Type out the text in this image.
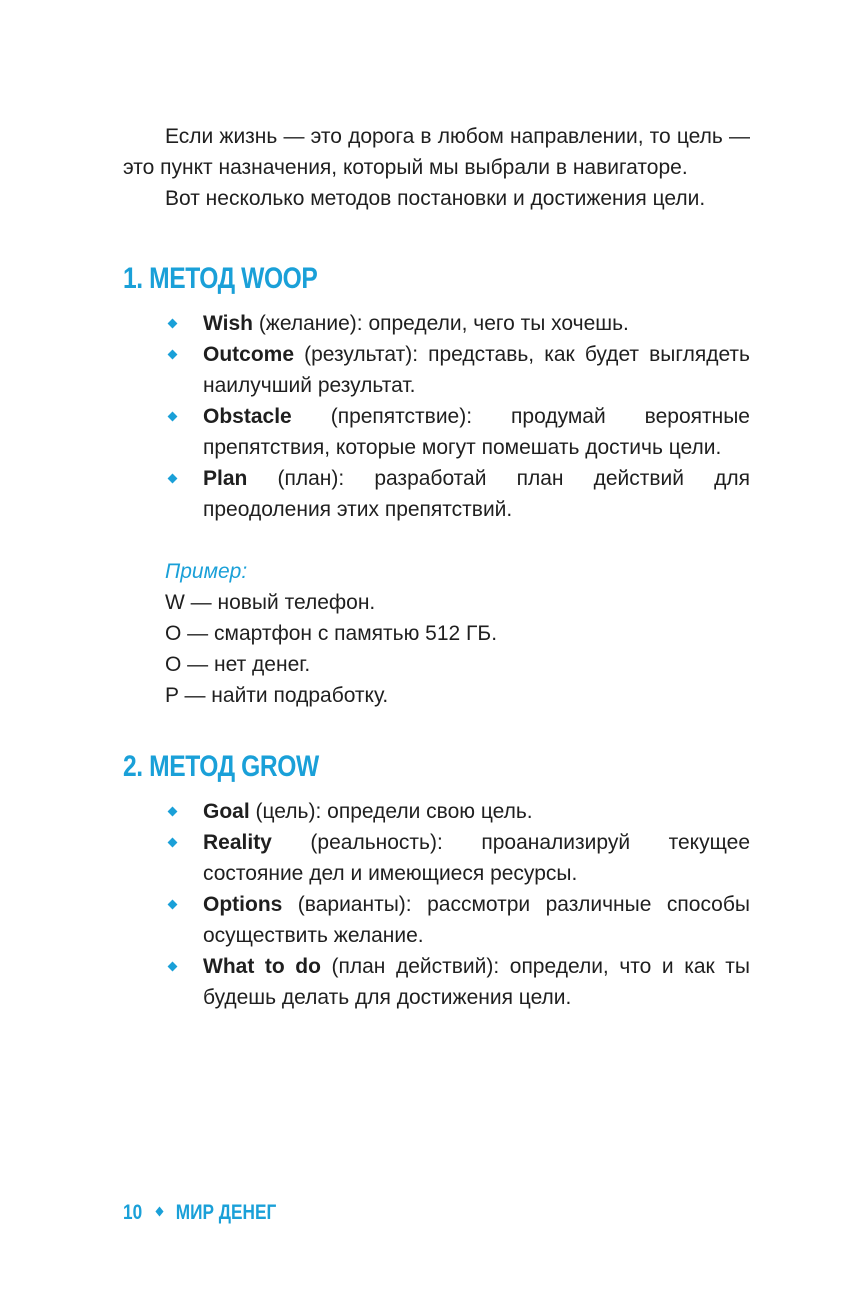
Если жизнь — это дорога в любом направлении, то цель — это пункт назначения, который мы выбрали в навигаторе.

Вот несколько методов постановки и достижения цели.

1. МЕТОД WOOP
Wish (желание): определи, чего ты хочешь.
Outcome (результат): представь, как будет выглядеть наилучший результат.
Obstacle (препятствие): продумай вероятные препятствия, которые могут помешать достичь цели.
Plan (план): разработай план действий для преодоления этих препятствий.
Пример:
W — новый телефон.
O — смартфон с памятью 512 ГБ.
O — нет денег.
P — найти подработку.
2. МЕТОД GROW
Goal (цель): определи свою цель.
Reality (реальность): проанализируй текущее состояние дел и имеющиеся ресурсы.
Options (варианты): рассмотри различные способы осуществить желание.
What to do (план действий): определи, что и как ты будешь делать для достижения цели.
10 МИР ДЕНЕГ
